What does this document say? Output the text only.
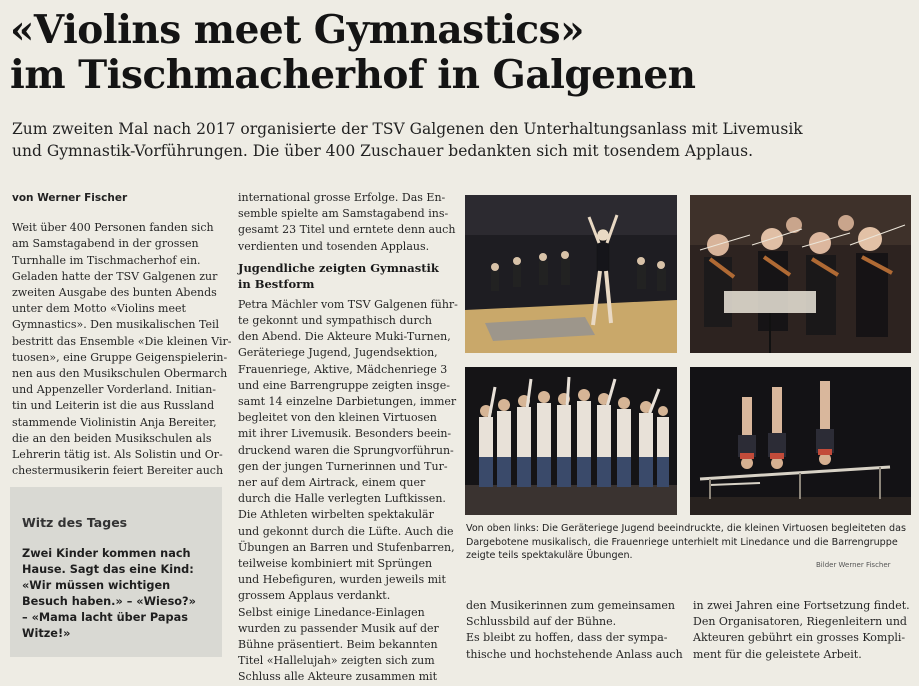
«Violins meet Gymnastics»
im Tischmacherhof in Galgenen
Zum zweiten Mal nach 2017 organisierte der TSV Galgenen den Unterhaltungsanlass mit Livemusik
und Gymnastik-Vorführungen. Die über 400 Zuschauer bedankten sich mit tosendem Applaus.
von Werner Fischer
Weit über 400 Personen fanden sich
am Samstagabend in der grossen
Turnhalle im Tischmacherhof ein.
Geladen hatte der TSV Galgenen zur
zweiten Ausgabe des bunten Abends
unter dem Motto «Violins meet
Gymnastics». Den musikalischen Teil
bestritt das Ensemble «Die kleinen Vir-
tuosen», eine Gruppe Geigenspielerin-
nen aus den Musikschulen Obermarch
und Appenzeller Vorderland. Initian-
tin und Leiterin ist die aus Russland
stammende Violinistin Anja Bereiter,
die an den beiden Musikschulen als
Lehrerin tätig ist. Als Solistin und Or-
chestermusikerin feiert Bereiter auch
Witz des Tages
Zwei Kinder kommen nach
Hause. Sagt das eine Kind:
«Wir müssen wichtigen
Besuch haben.» – «Wieso?»
– «Mama lacht über Papas
Witze!»
international grosse Erfolge. Das En-
semble spielte am Samstagabend ins-
gesamt 23 Titel und erntete denn auch
verdienten und tosenden Applaus.
Jugendliche zeigten Gymnastik
in Bestform
Petra Mächler vom TSV Galgenen führ-
te gekonnt und sympathisch durch
den Abend. Die Akteure Muki-Turnen,
Geräteriege Jugend, Jugendsektion,
Frauenriege, Aktive, Mädchenriege 3
und eine Barrengruppe zeigten insge-
samt 14 einzelne Darbietungen, immer
begleitet von den kleinen Virtuosen
mit ihrer Livemusik. Besonders beein-
druckend waren die Sprungvorführun-
gen der jungen Turnerinnen und Tur-
ner auf dem Airtrack, einem quer
durch die Halle verlegten Luftkissen.
Die Athleten wirbelten spektakulär
und gekonnt durch die Lüfte. Auch die
Übungen an Barren und Stufenbarren,
teilweise kombiniert mit Sprüngen
und Hebefiguren, wurden jeweils mit
grossem Applaus verdankt.
Selbst einige Linedance-Einlagen
wurden zu passender Musik auf der
Bühne präsentiert. Beim bekannten
Titel «Hallelujah» zeigten sich zum
Schluss alle Akteure zusammen mit
Von oben links: Die Geräteriege Jugend beeindruckte, die kleinen Virtuosen begleiteten das
Dargebotene musikalisch, die Frauenriege unterhielt mit Linedance und die Barrengruppe
zeigte teils spektakuläre Übungen.
Bilder Werner Fischer
den Musikerinnen zum gemeinsamen
Schlussbild auf der Bühne.
Es bleibt zu hoffen, dass der sympa-
thische und hochstehende Anlass auch
in zwei Jahren eine Fortsetzung findet.
Den Organisatoren, Riegenleitern und
Akteuren gebührt ein grosses Kompli-
ment für die geleistete Arbeit.
